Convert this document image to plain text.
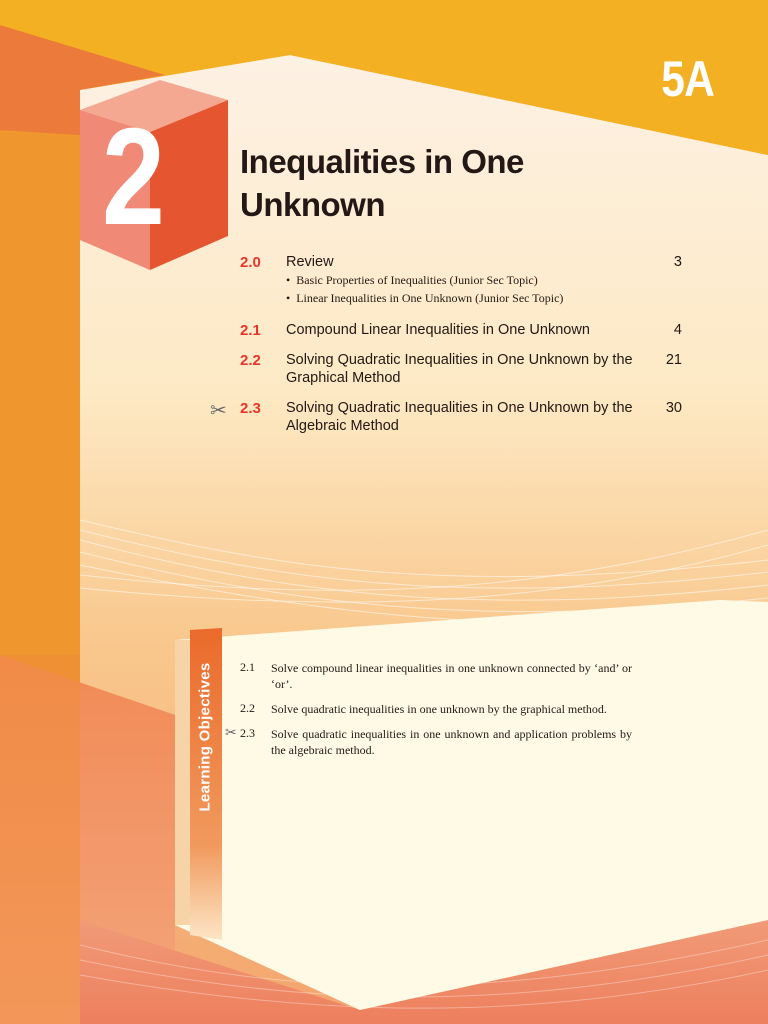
5A
2 Inequalities in One Unknown
2.0 Review	3
• Basic Properties of Inequalities (Junior Sec Topic)
• Linear Inequalities in One Unknown (Junior Sec Topic)
2.1 Compound Linear Inequalities in One Unknown	4
2.2 Solving Quadratic Inequalities in One Unknown by the Graphical Method
21
✂ 2.3 Solving Quadratic Inequalities in One Unknown by the Algebraic Method
30
Learning Objectives 2.1 Solve compound linear inequalities in one unknown connected by ‘and’ or ‘or’.
2.2 Solve quadratic inequalities in one unknown by the graphical method.
✂ 2.3 Solve quadratic inequalities in one unknown and application problems by the algebraic method.
